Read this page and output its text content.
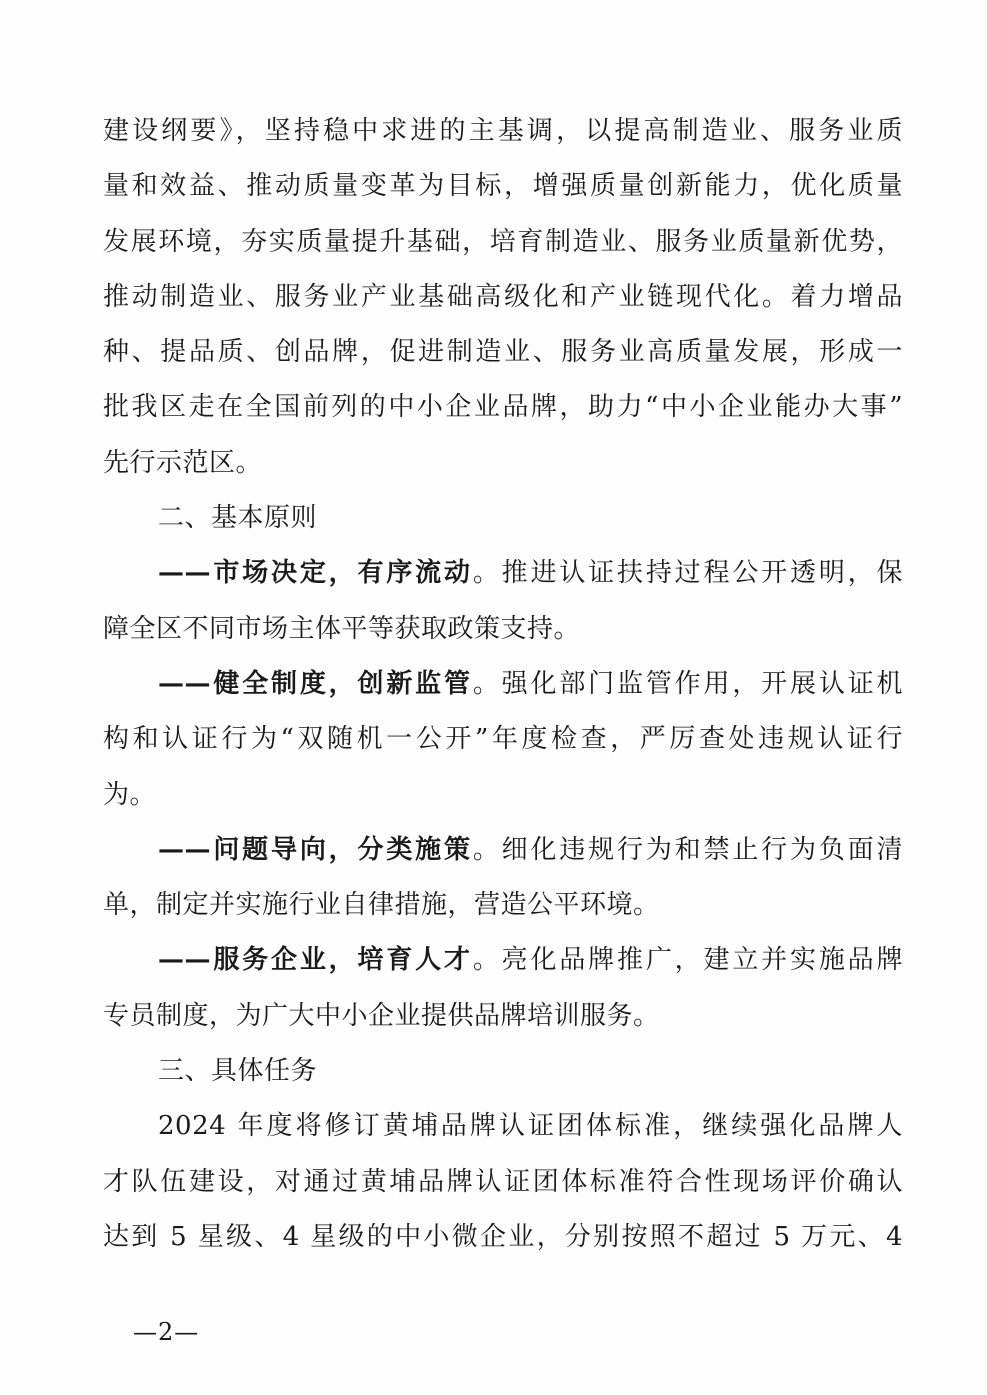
建设纲要》，坚持稳中求进的主基调，以提高制造业、服务业质
量和效益、推动质量变革为目标，增强质量创新能力，优化质量
发展环境，夯实质量提升基础，培育制造业、服务业质量新优势，
推动制造业、服务业产业基础高级化和产业链现代化。着力增品
种、提品质、创品牌，促进制造业、服务业高质量发展，形成一
批我区走在全国前列的中小企业品牌，助力“中小企业能办大事”
先行示范区。
二、基本原则
——市场决定，有序流动。推进认证扶持过程公开透明，保
障全区不同市场主体平等获取政策支持。
——健全制度，创新监管。强化部门监管作用，开展认证机
构和认证行为“双随机一公开”年度检查，严厉查处违规认证行
为。
——问题导向，分类施策。细化违规行为和禁止行为负面清
单，制定并实施行业自律措施，营造公平环境。
——服务企业，培育人才。亮化品牌推广，建立并实施品牌
专员制度，为广大中小企业提供品牌培训服务。
三、具体任务
2024 年度将修订黄埔品牌认证团体标准，继续强化品牌人
才队伍建设，对通过黄埔品牌认证团体标准符合性现场评价确认
达到 5 星级、4 星级的中小微企业，分别按照不超过 5 万元、4
—2—
